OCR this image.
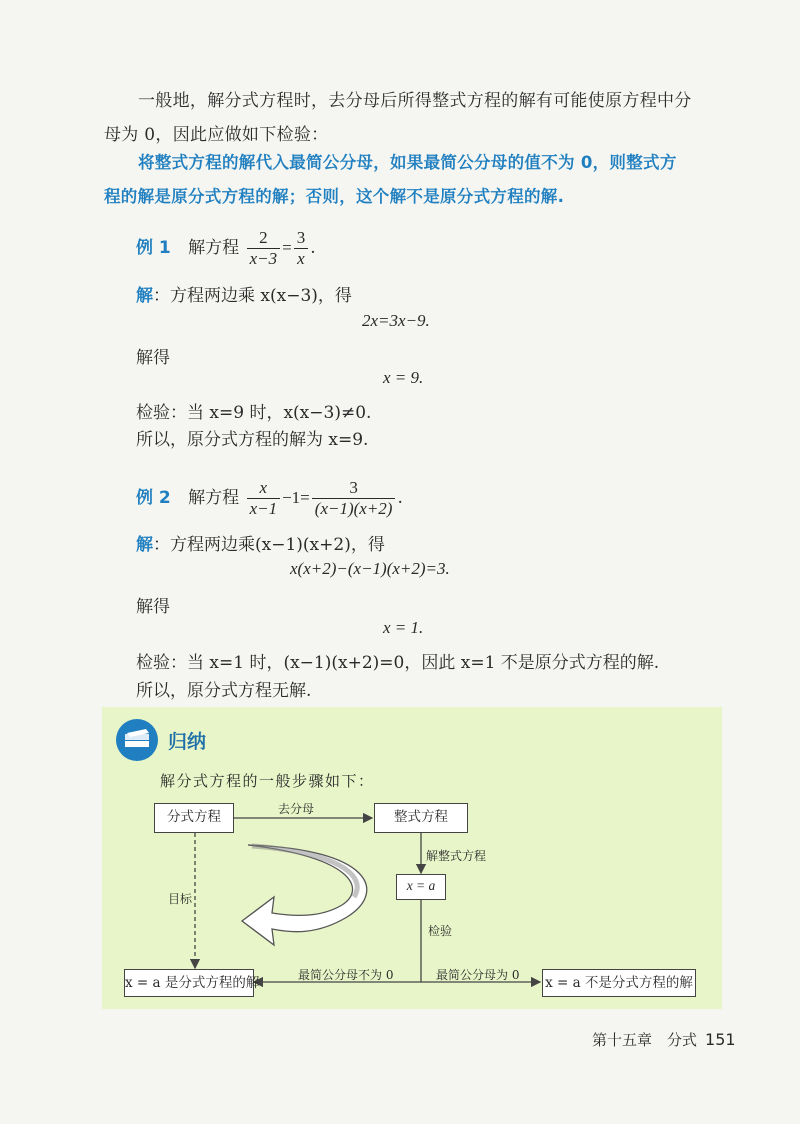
一般地，解分式方程时，去分母后所得整式方程的解有可能使原方程中分
母为 0，因此应做如下检验：
将整式方程的解代入最简公分母，如果最简公分母的值不为 0，则整式方
程的解是原分式方程的解；否则，这个解不是原分式方程的解.
例 1 解方程 $\frac{2}{x-3} = \frac{3}{x}$ .
解：方程两边乘 x(x−3)，得
2x=3x−9.
解得
x = 9.
检验：当 x=9 时，x(x−3)≠0.
所以，原分式方程的解为 x=9.
例 2 解方程 $\frac{x}{x-1} -1= \frac{3}{(x-1)(x+2)}$ .
解：方程两边乘(x−1)(x+2)，得
x(x+2)−(x−1)(x+2)=3.
解得
x = 1.
检验：当 x=1 时，(x−1)(x+2)=0，因此 x=1 不是原分式方程的解.
所以，原分式方程无解.
归纳
解分式方程的一般步骤如下：
分式方程	整式方程
x = a
x = a 是分式方程的解	x = a 不是分式方程的解
去分母
解整式方程
目标
检验
最简公分母不为 0	最简公分母为 0
第十五章　分式 151
